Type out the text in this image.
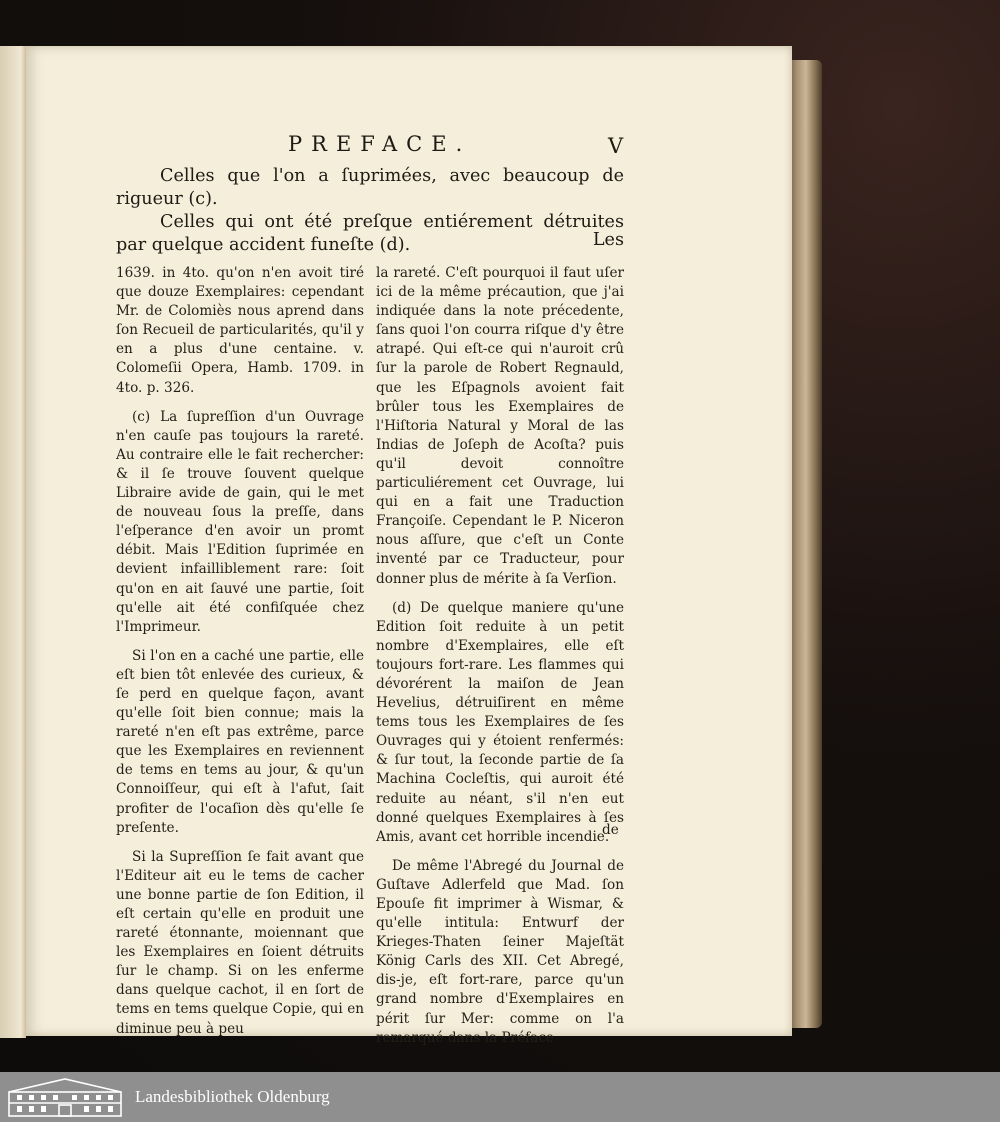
PREFACE.	V

Celles que l'on a ſuprimées, avec beaucoup de rigueur (c).

Celles qui ont été preſque entiérement détruites par quelque accident funeſte (d).	Les

1639. in 4to. qu'on n'en avoit tiré que douze Exemplaires: cependant Mr. de Colomiès nous aprend dans ſon Recueil de particularités, qu'il y en a plus d'une centaine. v. Colomeſii Opera, Hamb. 1709. in 4to. p. 326.

(c) La ſupreſſion d'un Ouvrage n'en cauſe pas toujours la rareté. Au contraire elle le fait rechercher: & il ſe trouve ſouvent quelque Libraire avide de gain, qui le met de nouveau ſous la preſſe, dans l'eſperance d'en avoir un promt débit. Mais l'Edition ſuprimée en devient infailliblement rare: ſoit qu'on en ait ſauvé une partie, ſoit qu'elle ait été confiſquée chez l'Imprimeur.

Si l'on en a caché une partie, elle eſt bien tôt enlevée des curieux, & ſe perd en quelque façon, avant qu'elle ſoit bien connue; mais la rareté n'en eſt pas extrême, parce que les Exemplaires en reviennent de tems en tems au jour, & qu'un Connoiſſeur, qui eſt à l'afut, ſait profiter de l'ocaſion dès qu'elle ſe preſente.

Si la Supreſſion ſe fait avant que l'Editeur ait eu le tems de cacher une bonne partie de ſon Edition, il eſt certain qu'elle en produit une rareté étonnante, moiennant que les Exemplaires en ſoient détruits ſur le champ. Si on les enferme dans quelque cachot, il en ſort de tems en tems quelque Copie, qui en diminue peu à peu

la rareté. C'eſt pourquoi il faut uſer ici de la même précaution, que j'ai indiquée dans la note précedente, ſans quoi l'on courra riſque d'y être atrapé. Qui eſt-ce qui n'auroit crû ſur la parole de Robert Regnauld, que les Eſpagnols avoient fait brûler tous les Exemplaires de l'Hiſtoria Natural y Moral de las Indias de Joſeph de Acoſta? puis qu'il devoit connoître particuliérement cet Ouvrage, lui qui en a fait une Traduction Françoiſe. Cependant le P. Niceron nous aſſure, que c'eſt un Conte inventé par ce Traducteur, pour donner plus de mérite à ſa Verſion.

(d) De quelque maniere qu'une Edition ſoit reduite à un petit nombre d'Exemplaires, elle eſt toujours fort-rare. Les flammes qui dévorérent la maiſon de Jean Hevelius, détruiſirent en même tems tous les Exemplaires de ſes Ouvrages qui y étoient renfermés: & ſur tout, la ſeconde partie de ſa Machina Cocleſtis, qui auroit été reduite au néant, s'il n'en eut donné quelques Exemplaires à ſes Amis, avant cet horrible incendie.

De même l'Abregé du Journal de Guſtave Adlerfeld que Mad. ſon Epouſe fit imprimer à Wismar, & qu'elle intitula: Entwurf der Krieges-Thaten ſeiner Majeſtät König Carls des XII. Cet Abregé, dis-je, eſt fort-rare, parce qu'un grand nombre d'Exemplaires en périt ſur Mer: comme on l'a remarqué dans la Préface

de
Landesbibliothek Oldenburg
